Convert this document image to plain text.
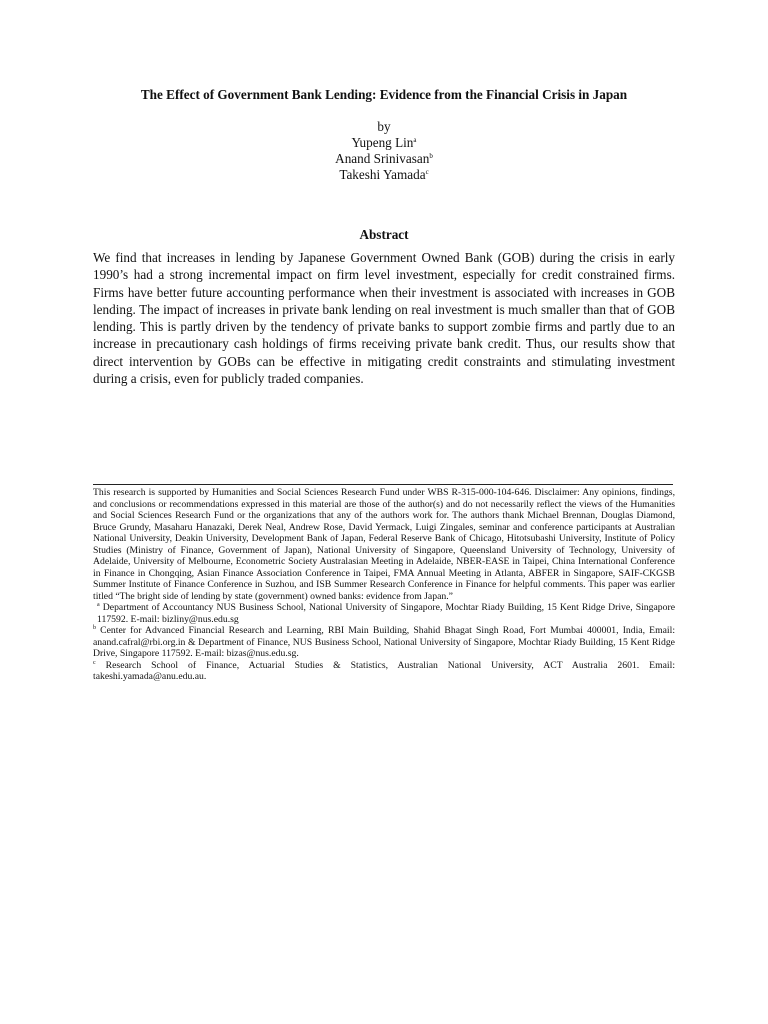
The Effect of Government Bank Lending: Evidence from the Financial Crisis in Japan
by
Yupeng Lin$^a$
Anand Srinivasan$^b$
Takeshi Yamada$^c$
Abstract
We find that increases in lending by Japanese Government Owned Bank (GOB) during the crisis in early 1990’s had a strong incremental impact on firm level investment, especially for credit constrained firms. Firms have better future accounting performance when their investment is associated with increases in GOB lending. The impact of increases in private bank lending on real investment is much smaller than that of GOB lending. This is partly driven by the tendency of private banks to support zombie firms and partly due to an increase in precautionary cash holdings of firms receiving private bank credit. Thus, our results show that direct intervention by GOBs can be effective in mitigating credit constraints and stimulating investment during a crisis, even for publicly traded companies.

This research is supported by Humanities and Social Sciences Research Fund under WBS R-315-000-104-646. Disclaimer: Any opinions, findings, and conclusions or recommendations expressed in this material are those of the author(s) and do not necessarily reflect the views of the Humanities and Social Sciences Research Fund or the organizations that any of the authors work for. The authors thank Michael Brennan, Douglas Diamond, Bruce Grundy, Masaharu Hanazaki, Derek Neal, Andrew Rose, David Yermack, Luigi Zingales, seminar and conference participants at Australian National University, Deakin University, Development Bank of Japan, Federal Reserve Bank of Chicago, Hitotsubashi University, Institute of Policy Studies (Ministry of Finance, Government of Japan), National University of Singapore, Queensland University of Technology, University of Adelaide, University of Melbourne, Econometric Society Australasian Meeting in Adelaide, NBER-EASE in Taipei, China International Conference in Finance in Chongqing, Asian Finance Association Conference in Taipei, FMA Annual Meeting in Atlanta, ABFER in Singapore, SAIF-CKGSB Summer Institute of Finance Conference in Suzhou, and ISB Summer Research Conference in Finance for helpful comments. This paper was earlier titled “The bright side of lending by state (government) owned banks: evidence from Japan.”

$^a$ Department of Accountancy NUS Business School, National University of Singapore, Mochtar Riady Building, 15 Kent Ridge Drive, Singapore 117592. E-mail: bizliny@nus.edu.sg

$^b$ Center for Advanced Financial Research and Learning, RBI Main Building, Shahid Bhagat Singh Road, Fort Mumbai 400001, India, Email: anand.cafral@rbi.org.in & Department of Finance, NUS Business School, National University of Singapore, Mochtar Riady Building, 15 Kent Ridge Drive, Singapore 117592. E-mail: bizas@nus.edu.sg.

$^c$ Research School of Finance, Actuarial Studies & Statistics, Australian National University, ACT Australia 2601. Email: takeshi.yamada@anu.edu.au.
